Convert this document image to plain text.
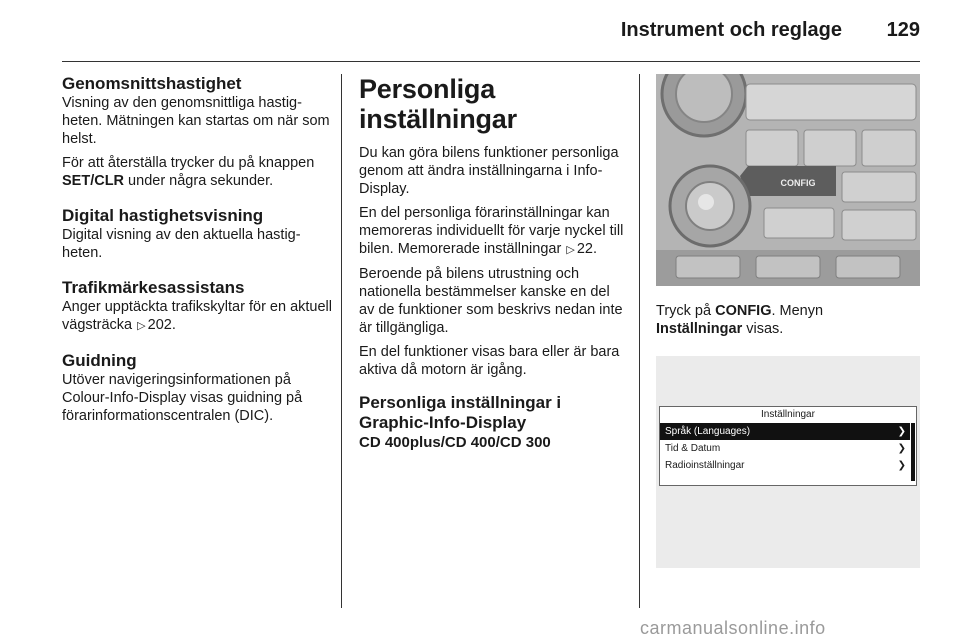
Instrument och reglage 129
Genomsnittshastighet
Visning av den genomsnittliga hastigheten. Mätningen kan startas om när som helst.
För att återställa trycker du på knappen SET/CLR under några sekunder.
Digital hastighetsvisning
Digital visning av den aktuella hastigheten.
Trafikmärkesassistans
Anger upptäckta trafikskyltar för en aktuell vägsträcka ▷ 202.
Guidning
Utöver navigeringsinformationen på Colour-Info-Display visas guidning på förarinformationscentralen (DIC).
Personliga inställningar
Du kan göra bilens funktioner personliga genom att ändra inställningarna i Info-Display.
En del personliga förarinställningar kan memoreras individuellt för varje nyckel till bilen. Memorerade inställningar ▷ 22.
Beroende på bilens utrustning och nationella bestämmelser kanske en del av de funktioner som beskrivs nedan inte är tillgängliga.
En del funktioner visas bara eller är bara aktiva då motorn är igång.
Personliga inställningar i Graphic-Info-Display
CD 400plus/CD 400/CD 300
CONFIG
Tryck på CONFIG. Menyn
Inställningar visas.
Inställningar
Språk (Languages)	❯
Tid & Datum	❯
Radioinställningar	❯
carmanualsonline.info
